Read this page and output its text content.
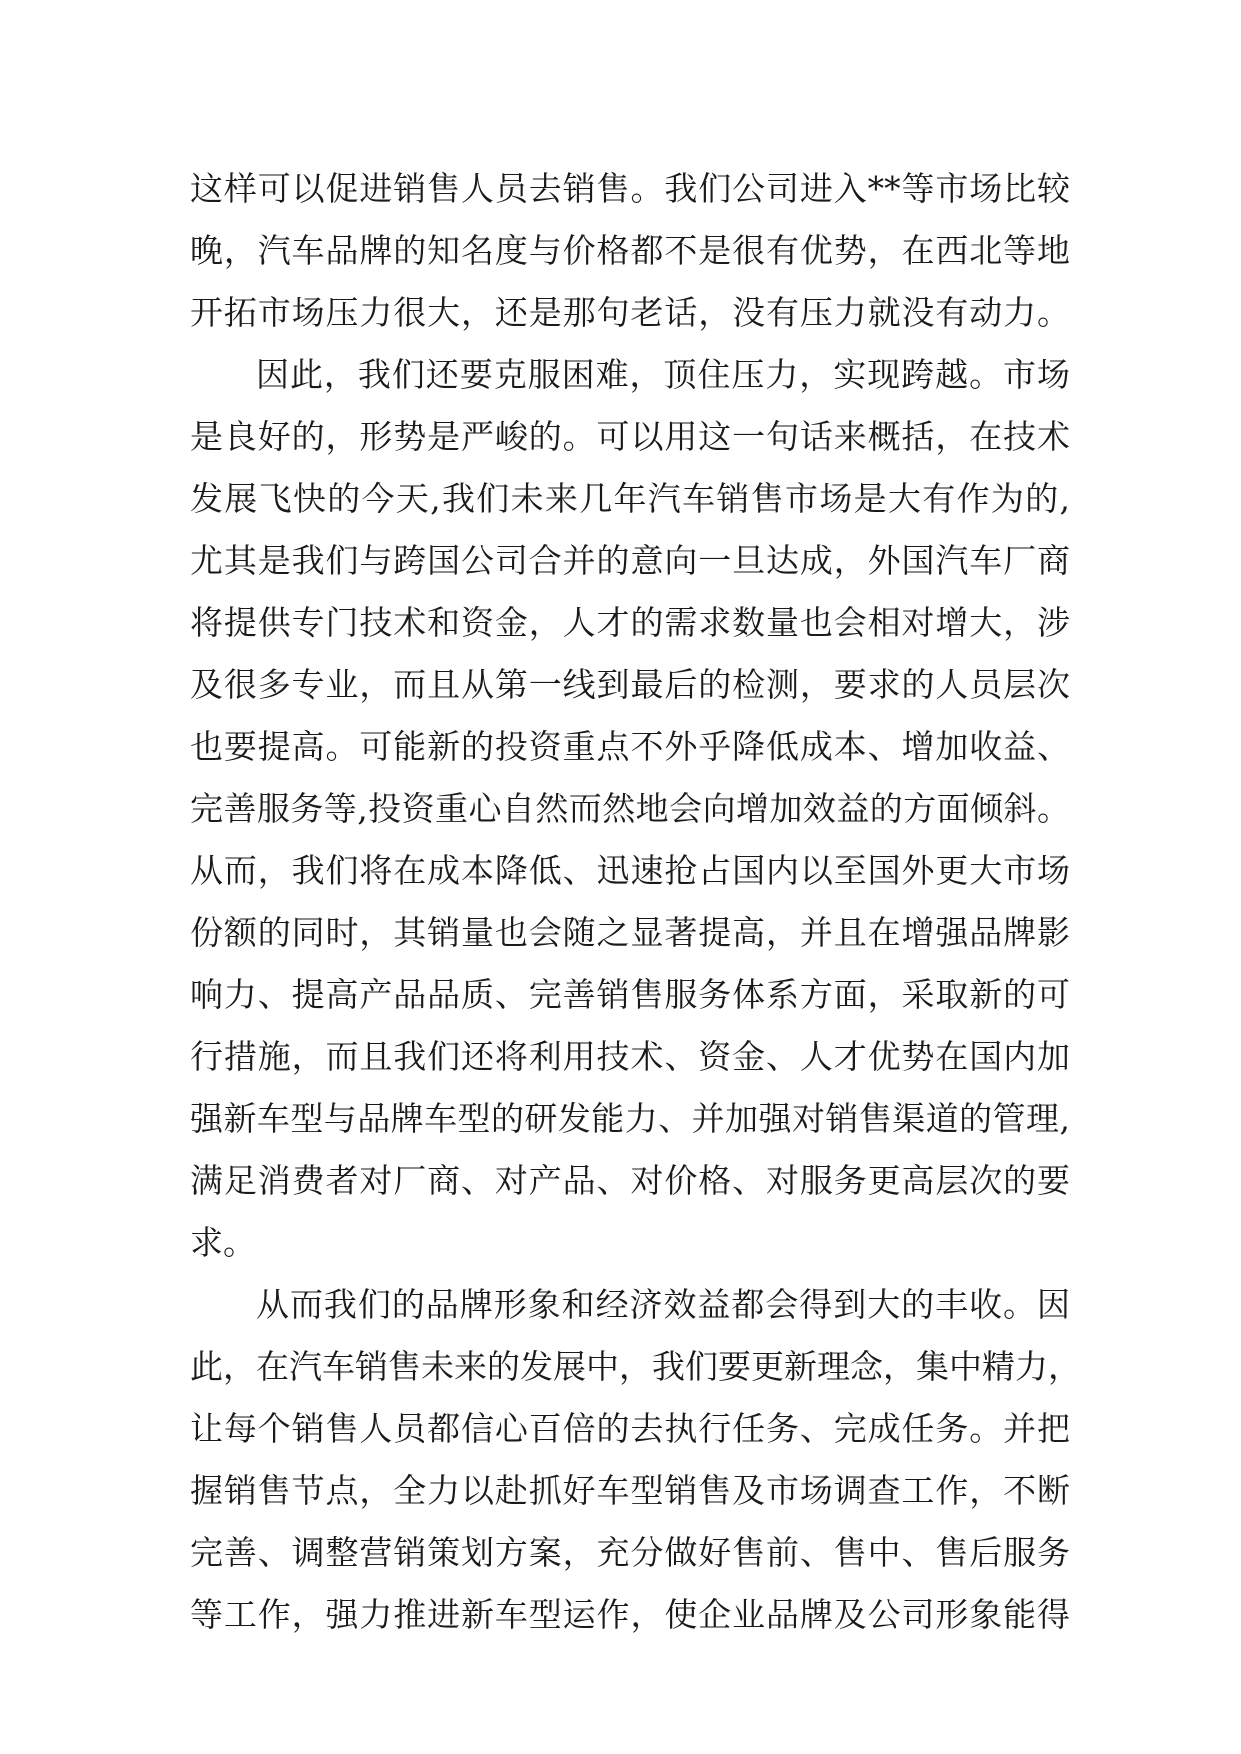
这样可以促进销售人员去销售。我们公司进入**等市场比较
晚，汽车品牌的知名度与价格都不是很有优势，在西北等地
开拓市场压力很大，还是那句老话，没有压力就没有动力。
因此，我们还要克服困难，顶住压力，实现跨越。市场
是良好的，形势是严峻的。可以用这一句话来概括，在技术
发展飞快的今天,我们未来几年汽车销售市场是大有作为的,
尤其是我们与跨国公司合并的意向一旦达成，外国汽车厂商
将提供专门技术和资金，人才的需求数量也会相对增大，涉
及很多专业，而且从第一线到最后的检测，要求的人员层次
也要提高。可能新的投资重点不外乎降低成本、增加收益、
完善服务等,投资重心自然而然地会向增加效益的方面倾斜。
从而，我们将在成本降低、迅速抢占国内以至国外更大市场
份额的同时，其销量也会随之显著提高，并且在增强品牌影
响力、提高产品品质、完善销售服务体系方面，采取新的可
行措施，而且我们还将利用技术、资金、人才优势在国内加
强新车型与品牌车型的研发能力、并加强对销售渠道的管理,
满足消费者对厂商、对产品、对价格、对服务更高层次的要
求。
从而我们的品牌形象和经济效益都会得到大的丰收。因
此，在汽车销售未来的发展中，我们要更新理念，集中精力，
让每个销售人员都信心百倍的去执行任务、完成任务。并把
握销售节点，全力以赴抓好车型销售及市场调查工作，不断
完善、调整营销策划方案，充分做好售前、售中、售后服务
等工作，强力推进新车型运作，使企业品牌及公司形象能得
